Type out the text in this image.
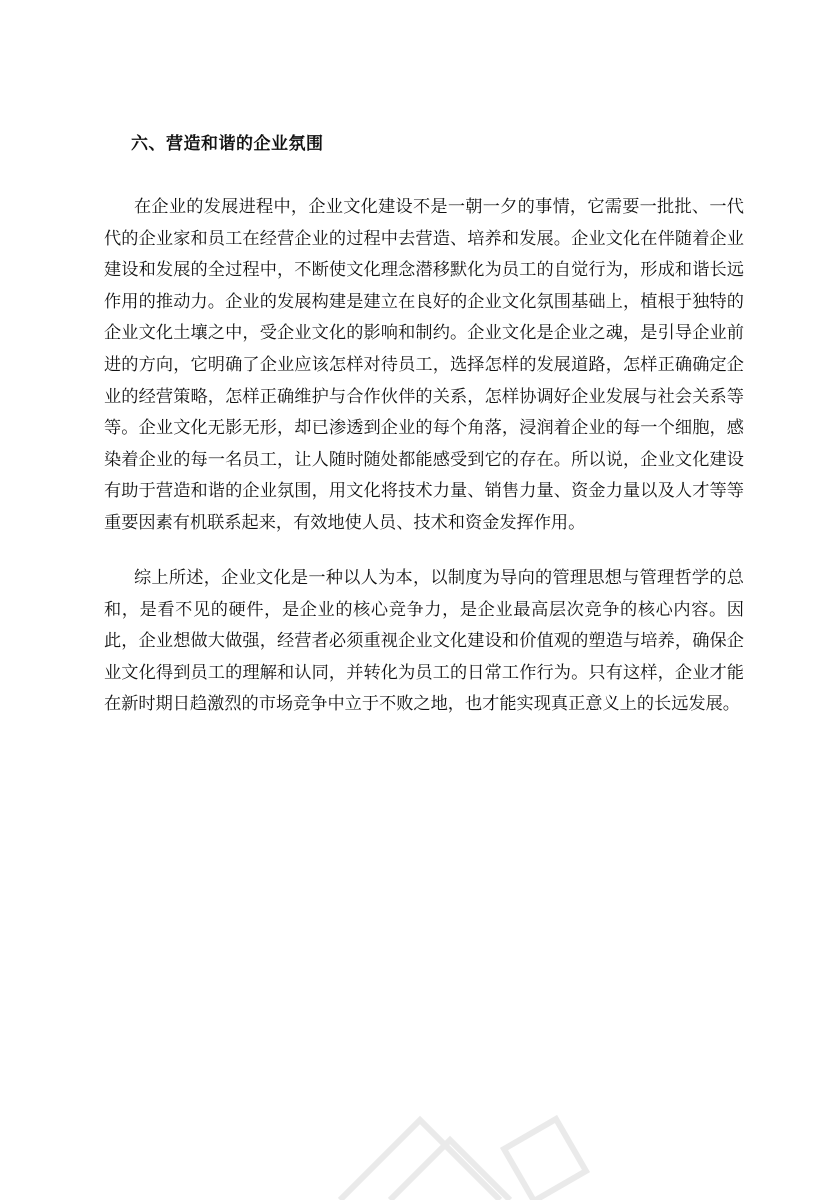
六、营造和谐的企业氛围

在企业的发展进程中，企业文化建设不是一朝一夕的事情，它需要一批批、一代代的企业家和员工在经营企业的过程中去营造、培养和发展。企业文化在伴随着企业建设和发展的全过程中，不断使文化理念潜移默化为员工的自觉行为，形成和谐长远作用的推动力。企业的发展构建是建立在良好的企业文化氛围基础上，植根于独特的企业文化土壤之中，受企业文化的影响和制约。企业文化是企业之魂，是引导企业前进的方向，它明确了企业应该怎样对待员工，选择怎样的发展道路，怎样正确确定企业的经营策略，怎样正确维护与合作伙伴的关系，怎样协调好企业发展与社会关系等等。企业文化无影无形，却已渗透到企业的每个角落，浸润着企业的每一个细胞，感染着企业的每一名员工，让人随时随处都能感受到它的存在。所以说，企业文化建设有助于营造和谐的企业氛围，用文化将技术力量、销售力量、资金力量以及人才等等重要因素有机联系起来，有效地使人员、技术和资金发挥作用。

综上所述，企业文化是一种以人为本，以制度为导向的管理思想与管理哲学的总和，是看不见的硬件，是企业的核心竞争力，是企业最高层次竞争的核心内容。因此，企业想做大做强，经营者必须重视企业文化建设和价值观的塑造与培养，确保企业文化得到员工的理解和认同，并转化为员工的日常工作行为。只有这样，企业才能在新时期日趋激烈的市场竞争中立于不败之地，也才能实现真正意义上的长远发展。
